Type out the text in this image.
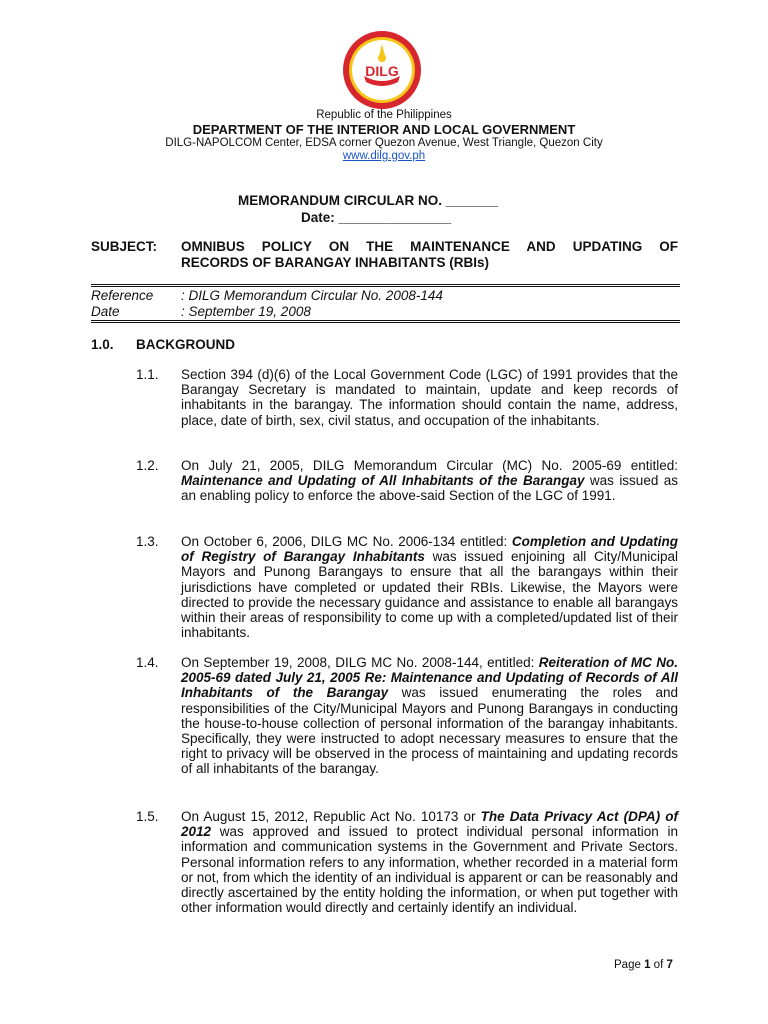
DILG
Republic of the Philippines
DEPARTMENT OF THE INTERIOR AND LOCAL GOVERNMENT
DILG-NAPOLCOM Center, EDSA corner Quezon Avenue, West Triangle, Quezon City
www.dilg.gov.ph
MEMORANDUM CIRCULAR NO. _______
Date: _______________
SUBJECT: OMNIBUS POLICY ON THE MAINTENANCE AND UPDATING OF
RECORDS OF BARANGAY INHABITANTS (RBIs)
Reference : DILG Memorandum Circular No. 2008-144
Date	: September 19, 2008
1.0. BACKGROUND
1.1. Section 394 (d)(6) of the Local Government Code (LGC) of 1991 provides that the Barangay Secretary is mandated to maintain, update and keep records of inhabitants in the barangay. The information should contain the name, address, place, date of birth, sex, civil status, and occupation of the inhabitants.
1.2. On July 21, 2005, DILG Memorandum Circular (MC) No. 2005-69 entitled: Maintenance and Updating of All Inhabitants of the Barangay was issued as an enabling policy to enforce the above-said Section of the LGC of 1991.
1.3. On October 6, 2006, DILG MC No. 2006-134 entitled: Completion and Updating of Registry of Barangay Inhabitants was issued enjoining all City/Municipal Mayors and Punong Barangays to ensure that all the barangays within their jurisdictions have completed or updated their RBIs. Likewise, the Mayors were directed to provide the necessary guidance and assistance to enable all barangays within their areas of responsibility to come up with a completed/updated list of their inhabitants.
1.4. On September 19, 2008, DILG MC No. 2008-144, entitled: Reiteration of MC No. 2005-69 dated July 21, 2005 Re: Maintenance and Updating of Records of All Inhabitants of the Barangay was issued enumerating the roles and responsibilities of the City/Municipal Mayors and Punong Barangays in conducting the house-to-house collection of personal information of the barangay inhabitants. Specifically, they were instructed to adopt necessary measures to ensure that the right to privacy will be observed in the process of maintaining and updating records of all inhabitants of the barangay.
1.5. On August 15, 2012, Republic Act No. 10173 or The Data Privacy Act (DPA) of 2012 was approved and issued to protect individual personal information in information and communication systems in the Government and Private Sectors. Personal information refers to any information, whether recorded in a material form or not, from which the identity of an individual is apparent or can be reasonably and directly ascertained by the entity holding the information, or when put together with other information would directly and certainly identify an individual.
Page 1 of 7
